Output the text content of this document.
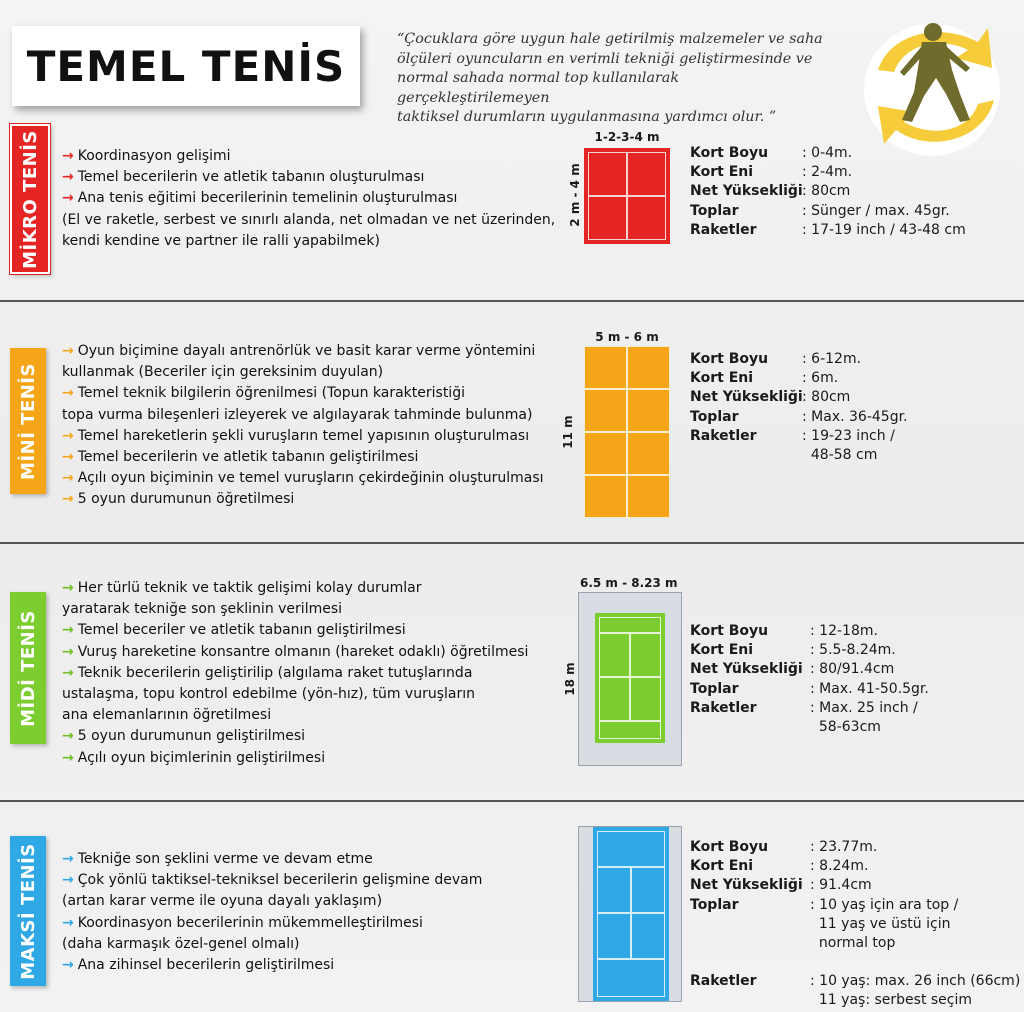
TEMEL TENİS
“Çocuklara göre uygun hale getirilmiş malzemeler ve saha
ölçüleri oyuncuların en verimli tekniği geliştirmesinde ve
normal sahada normal top kullanılarak gerçekleştirilemeyen
taktiksel durumların uygulanmasına yardımcı olur. ”
MİKRO TENİS → Koordinasyon gelişimi
→ Temel becerilerin ve atletik tabanın oluşturulması
→ Ana tenis eğitimi becerilerinin temelinin oluşturulması
(El ve raketle, serbest ve sınırlı alanda, net olmadan ve net üzerinden,
kendi kendine ve partner ile ralli yapabilmek)
1-2-3-4 m
2 m - 4 m
Kort Boyu	: 0-4m.
Kort Eni	: 2-4m.
Net Yüksekliği : 80cm
Toplar	: Sünger / max. 45gr.
Raketler	: 17-19 inch / 43-48 cm
MİNİ TENİS
→ Oyun biçimine dayalı antrenörlük ve basit karar verme yöntemini
kullanmak (Beceriler için gereksinim duyulan)
→ Temel teknik bilgilerin öğrenilmesi (Topun karakteristiği
topa vurma bileşenleri izleyerek ve algılayarak tahminde bulunma)
→ Temel hareketlerin şekli vuruşların temel yapısının oluşturulması
→ Temel becerilerin ve atletik tabanın geliştirilmesi
→ Açılı oyun biçiminin ve temel vuruşların çekirdeğinin oluşturulması
→ 5 oyun durumunun öğretilmesi
5 m - 6 m
11 m
Kort Boyu	: 6-12m.
Kort Eni	: 6m.
Net Yüksekliği : 80cm
Toplar	: Max. 36-45gr.
Raketler	: 19-23 inch /
48-58 cm
MİDİ TENİS
→ Her türlü teknik ve taktik gelişimi kolay durumlar
yaratarak tekniğe son şeklinin verilmesi
→ Temel beceriler ve atletik tabanın geliştirilmesi
→ Vuruş hareketine konsantre olmanın (hareket odaklı) öğretilmesi
→ Teknik becerilerin geliştirilip (algılama raket tutuşlarında
ustalaşma, topu kontrol edebilme (yön-hız), tüm vuruşların
ana elemanlarının öğretilmesi
→ 5 oyun durumunun geliştirilmesi
→ Açılı oyun biçimlerinin geliştirilmesi
6.5 m - 8.23 m
18 m
Kort Boyu	: 12-18m.
Kort Eni	: 5.5-8.24m.
Net Yüksekliği : 80/91.4cm
Toplar	: Max. 41-50.5gr.
Raketler	: Max. 25 inch /
58-63cm
MAKSİ TENİS → Tekniğe son şeklini verme ve devam etme
→ Çok yönlü taktiksel-tekniksel becerilerin gelişmine devam
(artan karar verme ile oyuna dayalı yaklaşım)
→ Koordinasyon becerilerinin mükemmelleştirilmesi
(daha karmaşık özel-genel olmalı)
→ Ana zihinsel becerilerin geliştirilmesi
Kort Boyu	: 23.77m.
Kort Eni	: 8.24m.
Net Yüksekliği : 91.4cm
Toplar	: 10 yaş için ara top /
11 yaş ve üstü için
normal top
Raketler	: 10 yaş: max. 26 inch (66cm)
11 yaş: serbest seçim
